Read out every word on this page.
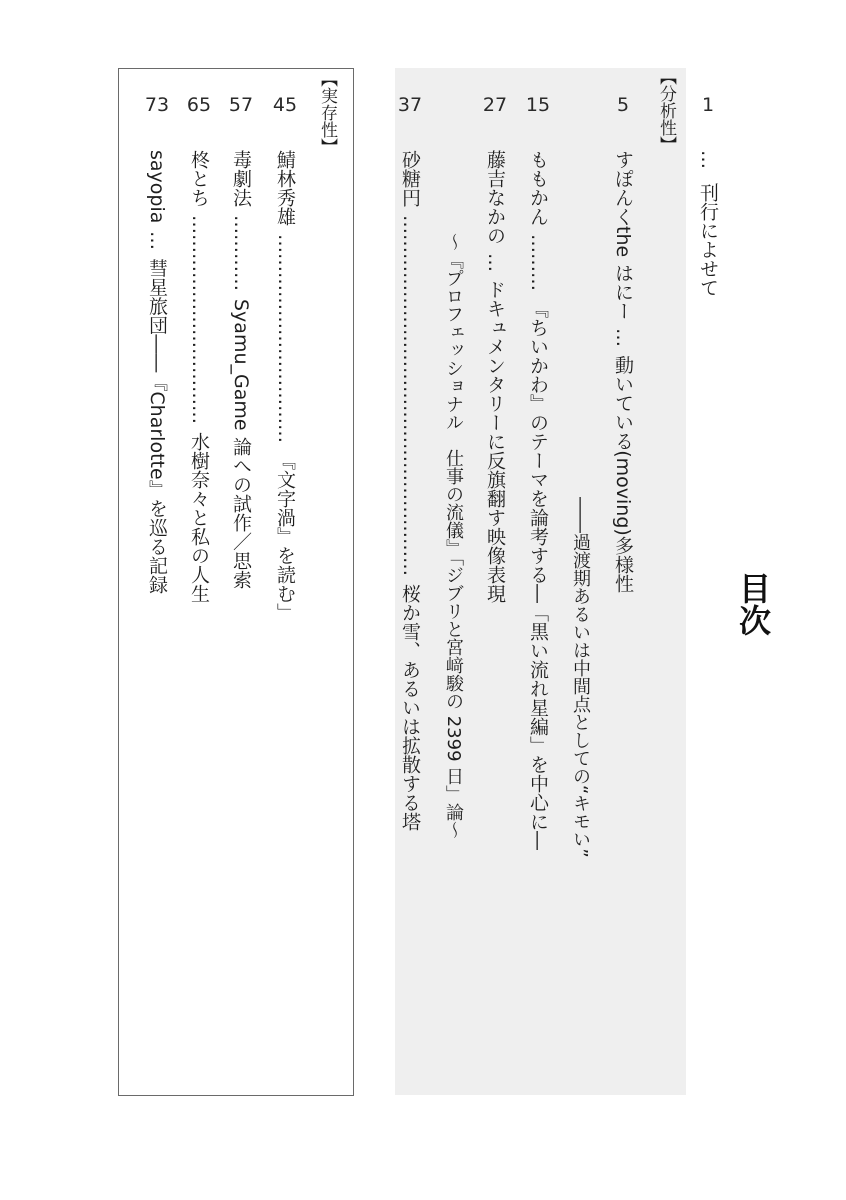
目次
1
…刊行によせて
【分析性】
5
すぽんくthe はにー…動いている(moving)多様性
――過渡期あるいは中間点としての“キモい”
15
ももかん………『ちいかわ』のテーマを論考する―「黒い流れ星編」を中心に―
27
藤吉なかの…ドキュメンタリーに反旗翻す映像表現
〜『プロフェッショナル　仕事の流儀』「ジブリと宮﨑駿の 2399 日」論〜
37
砂糖円…………………………………………………桜か雪、あるいは拡散する塔
【実存性】
45
鯖林秀雄……………………………『文字渦』を読む」
57
毒劇法…………Syamu_Game 論への試作／思索
65
柊とち……………………………水樹奈々と私の人生
73
sayopia…彗星旅団――『Charlotte』を巡る記録
